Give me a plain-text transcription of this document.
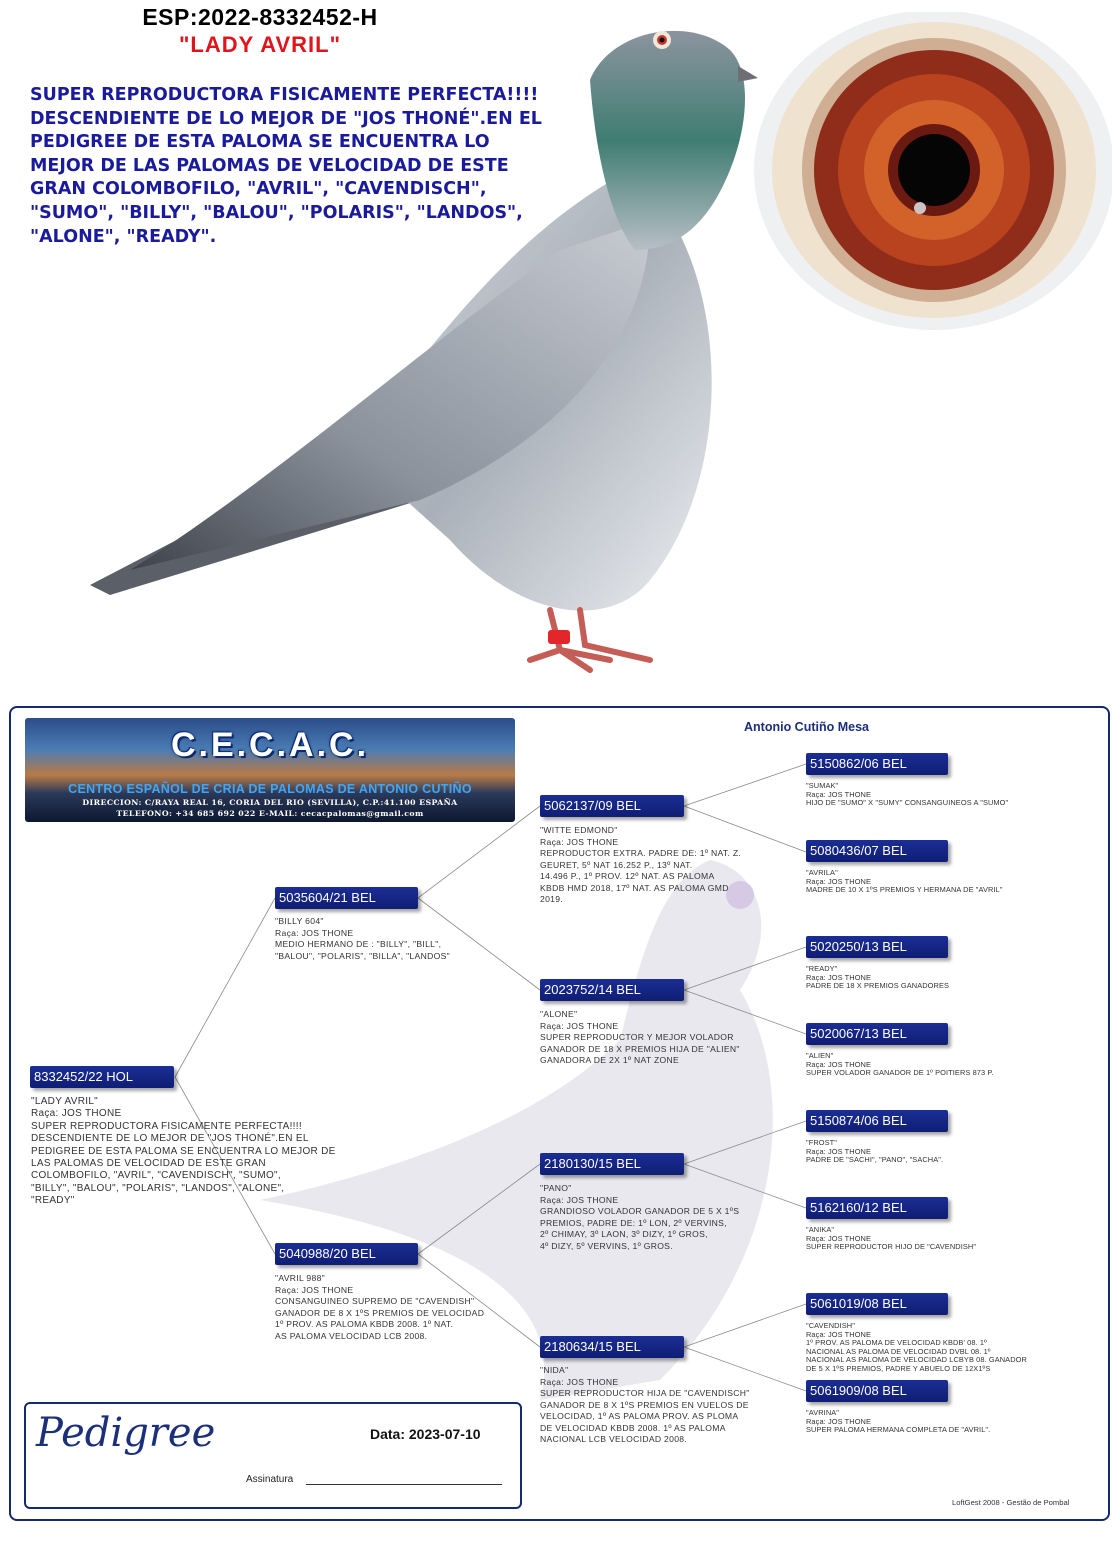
ESP:2022-8332452-H
"LADY AVRIL"
SUPER REPRODUCTORA FISICAMENTE PERFECTA!!!! DESCENDIENTE DE LO MEJOR DE "JOS THONÉ".EN EL PEDIGREE DE ESTA PALOMA SE ENCUENTRA LO MEJOR DE LAS PALOMAS DE VELOCIDAD DE ESTE GRAN COLOMBOFILO, "AVRIL", "CAVENDISCH", "SUMO", "BILLY", "BALOU", "POLARIS", "LANDOS", "ALONE", "READY".
Antonio Cutiño Mesa
C.E.C.A.C.
CENTRO ESPAÑOL DE CRIA DE PALOMAS DE ANTONIO CUTIÑO
DIRECCION: C/RAYA REAL 16, CORIA DEL RIO (SEVILLA), C.P.:41.100 ESPAÑA
TELEFONO: +34 685 692 022 E-MAIL: cecacpalomas@gmail.com
8332452/22 HOL
"LADY AVRIL"
Raça: JOS THONE
SUPER REPRODUCTORA FISICAMENTE PERFECTA!!!!
DESCENDIENTE DE LO MEJOR DE "JOS THONÉ".EN EL
PEDIGREE DE ESTA PALOMA SE ENCUENTRA LO MEJOR DE
LAS PALOMAS DE VELOCIDAD DE ESTE GRAN
COLOMBOFILO, "AVRIL", "CAVENDISCH", "SUMO",
"BILLY", "BALOU", "POLARIS", "LANDOS", "ALONE",
"READY"
5035604/21 BEL
"BILLY 604"
Raça: JOS THONE
MEDIO HERMANO DE : "BILLY", "BILL",
"BALOU", "POLARIS", "BILLA", "LANDOS"
5040988/20 BEL
"AVRIL 988"
Raça: JOS THONE
CONSANGUINEO SUPREMO DE "CAVENDISH"
GANADOR DE 8 X 1ºS PREMIOS DE VELOCIDAD
1º PROV. AS PALOMA KBDB 2008. 1º NAT.
AS PALOMA VELOCIDAD LCB 2008.
5062137/09 BEL
"WITTE EDMOND"
Raça: JOS THONE
REPRODUCTOR EXTRA. PADRE DE: 1º NAT. Z.
GEURET, 5º NAT 16.252 P., 13º NAT.
14.496 P., 1º PROV. 12º NAT. AS PALOMA
KBDB HMD 2018, 17º NAT. AS PALOMA GMD
2019.
2023752/14 BEL
"ALONE"
Raça: JOS THONE
SUPER REPRODUCTOR Y MEJOR VOLADOR
GANADOR DE 18 X PREMIOS HIJA DE "ALIEN"
GANADORA DE 2X 1º NAT ZONE
2180130/15 BEL
"PANO"
Raça: JOS THONE
GRANDIOSO VOLADOR GANADOR DE 5 X 1ºS
PREMIOS, PADRE DE: 1º LON, 2º VERVINS,
2º CHIMAY, 3º LAON, 3º DIZY, 1º GROS,
4º DIZY, 5º VERVINS, 1º GROS.
2180634/15 BEL
"NIDA"
Raça: JOS THONE
SUPER REPRODUCTOR HIJA DE "CAVENDISCH"
GANADOR DE 8 X 1ºS PREMIOS EN VUELOS DE
VELOCIDAD, 1º AS PALOMA PROV. AS PLOMA
DE VELOCIDAD KBDB 2008. 1º AS PALOMA
NACIONAL LCB VELOCIDAD 2008.
5150862/06 BEL
"SUMAK"
Raça: JOS THONE
HIJO DE "SUMO" X "SUMY" CONSANGUINEOS A "SUMO"
5080436/07 BEL
"AVRILA"
Raça: JOS THONE
MADRE DE 10 X 1ºS PREMIOS Y HERMANA DE "AVRIL"
5020250/13 BEL
"READY"
Raça: JOS THONE
PADRE DE 18 X PREMIOS GANADORES
5020067/13 BEL
"ALIEN"
Raça: JOS THONE
SUPER VOLADOR GANADOR DE 1º POITIERS 873 P.
5150874/06 BEL
"FROST"
Raça: JOS THONE
PADRE DE "SACHI", "PANO", "SACHA".
5162160/12 BEL
"ANIKA"
Raça: JOS THONE
SUPER REPRODUCTOR HIJO DE "CAVENDISH"
5061019/08 BEL
"CAVENDISH"
Raça: JOS THONE
1º PROV. AS PALOMA DE VELOCIDAD KBDB' 08. 1º
NACIONAL AS PALOMA DE VELOCIDAD DVBL 08. 1º
NACIONAL AS PALOMA DE VELOCIDAD LCBYB 08. GANADOR
DE 5 X 1ºS PREMIOS, PADRE Y ABUELO DE 12X1ºS
5061909/08 BEL
"AVRINA"
Raça: JOS THONE
SUPER PALOMA HERMANA COMPLETA DE "AVRIL".
Pedigree	Data: 2023-07-10
Assinatura
LoftGest 2008 - Gestão de Pombal
